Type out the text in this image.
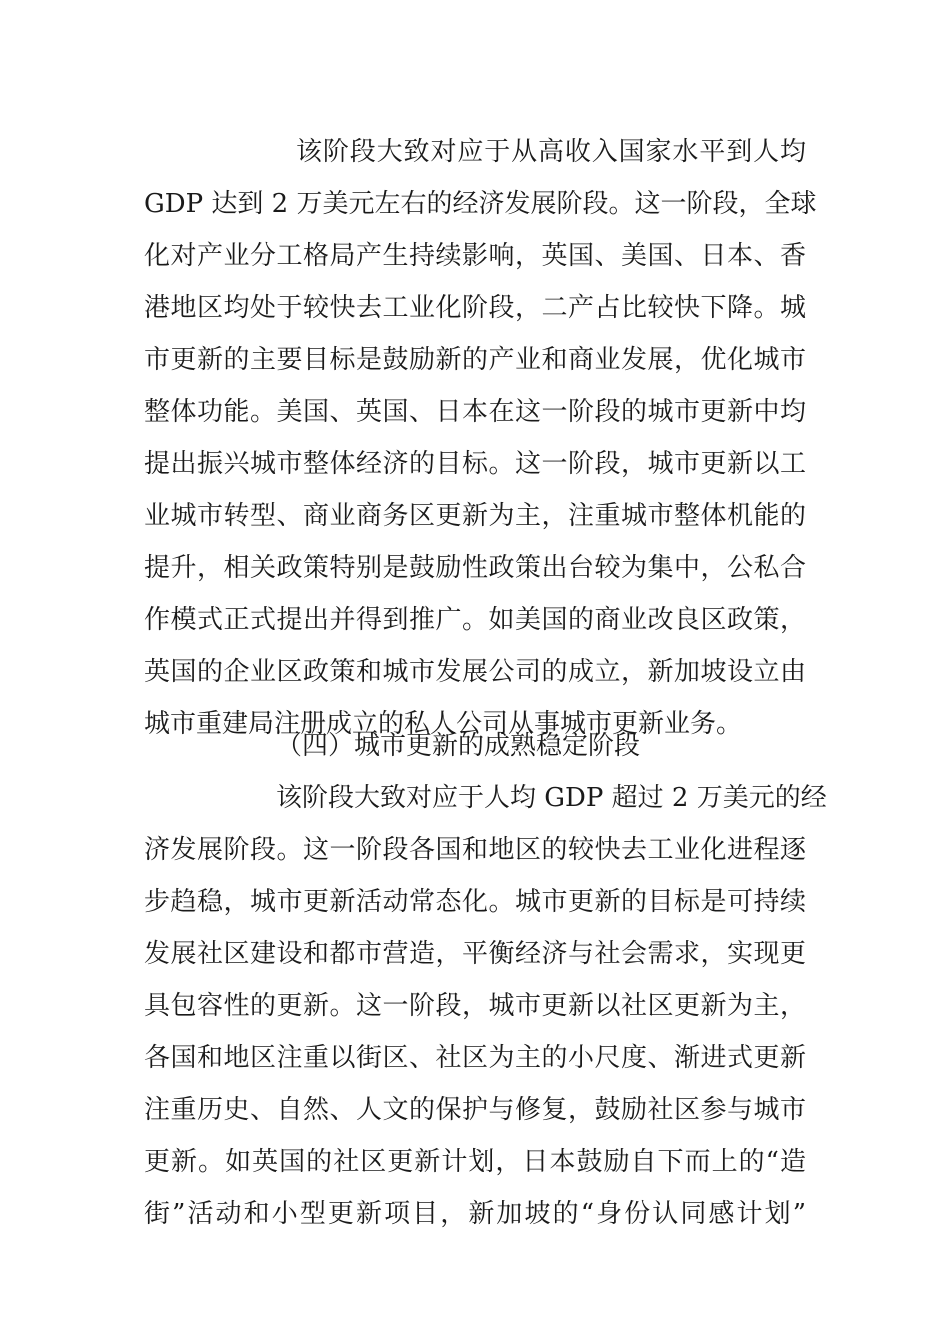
该阶段大致对应于从高收入国家水平到人均
GDP 达到 2 万美元左右的经济发展阶段。这一阶段，全球
化对产业分工格局产生持续影响，英国、美国、日本、香
港地区均处于较快去工业化阶段，二产占比较快下降。城
市更新的主要目标是鼓励新的产业和商业发展，优化城市
整体功能。美国、英国、日本在这一阶段的城市更新中均
提出振兴城市整体经济的目标。这一阶段，城市更新以工
业城市转型、商业商务区更新为主，注重城市整体机能的
提升，相关政策特别是鼓励性政策出台较为集中，公私合
作模式正式提出并得到推广。如美国的商业改良区政策，
英国的企业区政策和城市发展公司的成立，新加坡设立由
城市重建局注册成立的私人公司从事城市更新业务。
（四）城市更新的成熟稳定阶段
该阶段大致对应于人均 GDP 超过 2 万美元的经
济发展阶段。这一阶段各国和地区的较快去工业化进程逐
步趋稳，城市更新活动常态化。城市更新的目标是可持续
发展社区建设和都市营造，平衡经济与社会需求，实现更
具包容性的更新。这一阶段，城市更新以社区更新为主，
各国和地区注重以街区、社区为主的小尺度、渐进式更新
注重历史、自然、人文的保护与修复，鼓励社区参与城市
更新。如英国的社区更新计划，日本鼓励自下而上的“造
街”活动和小型更新项目，新加坡的“身份认同感计划”
